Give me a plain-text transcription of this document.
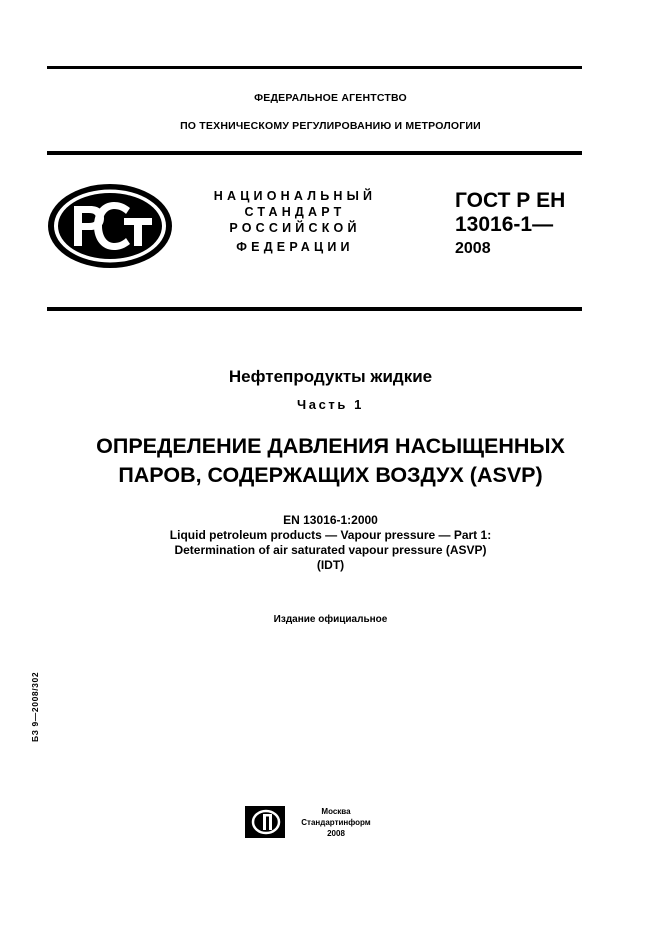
ФЕДЕРАЛЬНОЕ АГЕНТСТВО
ПО ТЕХНИЧЕСКОМУ РЕГУЛИРОВАНИЮ И МЕТРОЛОГИИ
НАЦИОНАЛЬНЫЙ
СТАНДАРТ
РОССИЙСКОЙ
ФЕДЕРАЦИИ
ГОСТ Р ЕН
13016-1—
2008
Нефтепродукты жидкие
Часть 1
ОПРЕДЕЛЕНИЕ ДАВЛЕНИЯ НАСЫЩЕННЫХ
ПАРОВ, СОДЕРЖАЩИХ ВОЗДУХ (ASVP)
EN 13016-1:2000
Liquid petroleum products — Vapour pressure — Part 1:
Determination of air saturated vapour pressure (ASVP)
(IDT)
Издание официальное
БЗ 9—2008/302
Москва
Стандартинформ
2008
